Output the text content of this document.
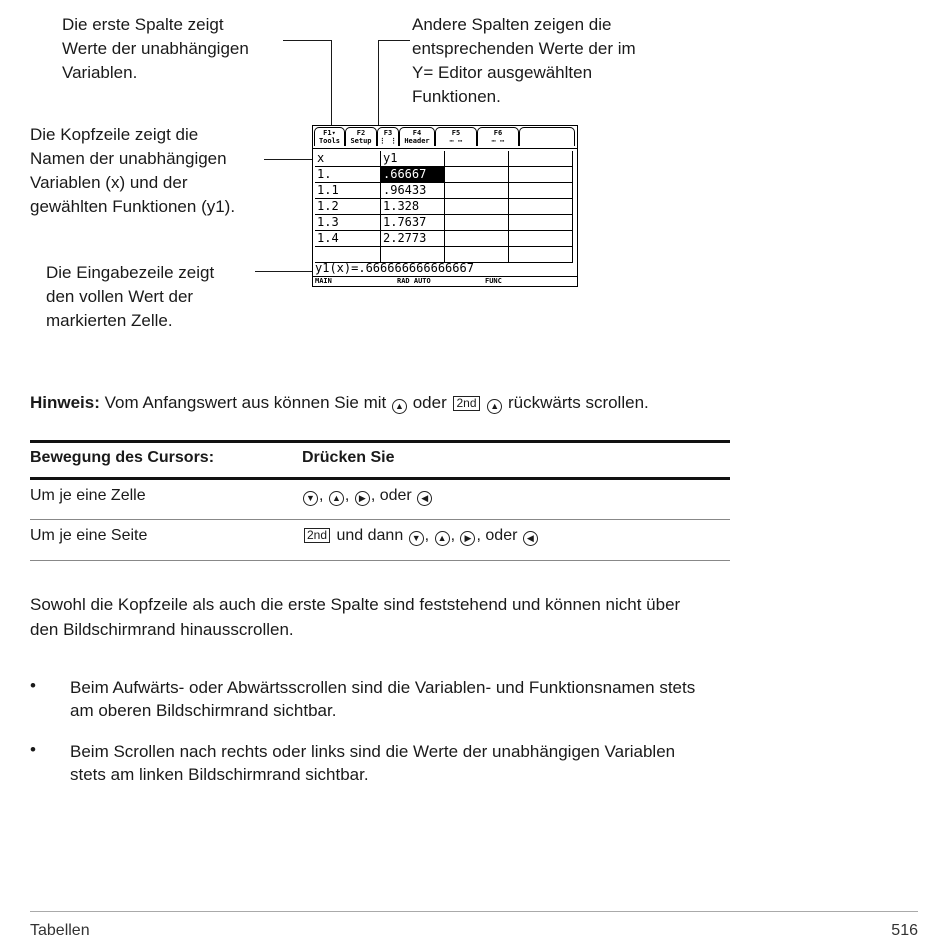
Die erste Spalte zeigt
Werte der unabhängigen
Variablen.
Andere Spalten zeigen die
entsprechenden Werte der im
Y= Editor ausgewählten
Funktionen.
Die Kopfzeile zeigt die
Namen der unabhängigen
Variablen (x) und der
gewählten Funktionen (y1).
Die Eingabezeile zeigt
den vollen Wert der
markierten Zelle.
F1▾
Tools
F2
Setup
F3
⋮ ⋮
F4
Header
F5
⋯ ⋯
F6
⋯ ⋯
x	y1
1.	.66667
1.1	.96433
1.2	1.328
1.3	1.7637
1.4	2.2773
y1(x)=.666666666666667
MAIN	RAD AUTO	FUNC
Hinweis: Vom Anfangswert aus können Sie mit ▲ oder 2nd ▲ rückwärts scrollen.
Bewegung des Cursors:	Drücken Sie
Um je eine Zelle	▼ , ▲ , ▶ , oder ◀
Um je eine Seite	2nd und dann ▼ , ▲ , ▶ , oder ◀
Sowohl die Kopfzeile als auch die erste Spalte sind feststehend und können nicht über
den Bildschirmrand hinausscrollen.
• Beim Aufwärts- oder Abwärtsscrollen sind die Variablen- und Funktionsnamen stets
am oberen Bildschirmrand sichtbar.
• Beim Scrollen nach rechts oder links sind die Werte der unabhängigen Variablen
stets am linken Bildschirmrand sichtbar.
Tabellen	516
